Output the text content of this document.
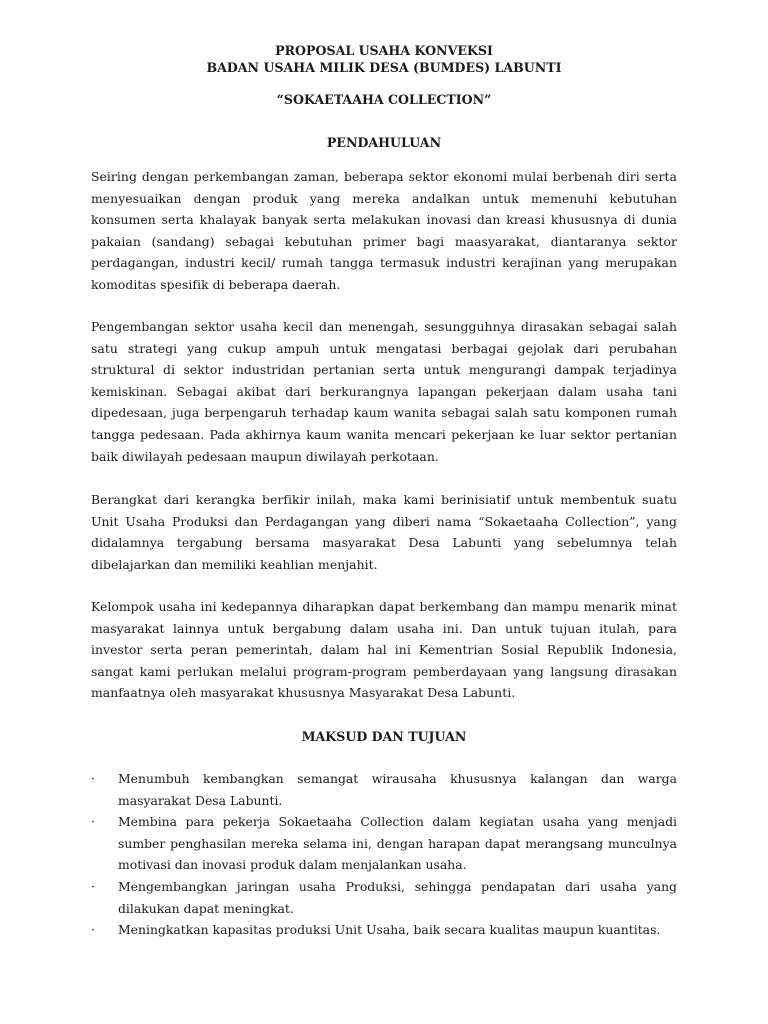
PROPOSAL USAHA KONVEKSI
BADAN USAHA MILIK DESA (BUMDES) LABUNTI
“SOKAETAAHA COLLECTION”
PENDAHULUAN

Seiring dengan perkembangan zaman, beberapa sektor ekonomi mulai berbenah diri serta menyesuaikan dengan produk yang mereka andalkan untuk memenuhi kebutuhan konsumen serta khalayak banyak serta melakukan inovasi dan kreasi khususnya di dunia pakaian (sandang) sebagai kebutuhan primer bagi maasyarakat, diantaranya sektor perdagangan, industri kecil/ rumah tangga termasuk industri kerajinan yang merupakan komoditas spesifik di beberapa daerah.

Pengembangan sektor usaha kecil dan menengah, sesungguhnya dirasakan sebagai salah satu strategi yang cukup ampuh untuk mengatasi berbagai gejolak dari perubahan struktural di sektor industridan pertanian serta untuk mengurangi dampak terjadinya kemiskinan. Sebagai akibat dari berkurangnya lapangan pekerjaan dalam usaha tani dipedesaan, juga berpengaruh terhadap kaum wanita sebagai salah satu komponen rumah tangga pedesaan. Pada akhirnya kaum wanita mencari pekerjaan ke luar sektor pertanian baik diwilayah pedesaan maupun diwilayah perkotaan.

Berangkat dari kerangka berfikir inilah, maka kami berinisiatif untuk membentuk suatu Unit Usaha Produksi dan Perdagangan yang diberi nama “Sokaetaaha Collection”, yang didalamnya tergabung bersama masyarakat Desa Labunti yang sebelumnya telah dibelajarkan dan memiliki keahlian menjahit.

Kelompok usaha ini kedepannya diharapkan dapat berkembang dan mampu menarik minat masyarakat lainnya untuk bergabung dalam usaha ini. Dan untuk tujuan itulah, para investor serta peran pemerintah, dalam hal ini Kementrian Sosial Republik Indonesia, sangat kami perlukan melalui program-program pemberdayaan yang langsung dirasakan manfaatnya oleh masyarakat khususnya Masyarakat Desa Labunti.

MAKSUD DAN TUJUAN
· Menumbuh kembangkan semangat wirausaha khususnya kalangan dan warga masyarakat Desa Labunti.
· Membina para pekerja Sokaetaaha Collection dalam kegiatan usaha yang menjadi sumber penghasilan mereka selama ini, dengan harapan dapat merangsang munculnya motivasi dan inovasi produk dalam menjalankan usaha.
· Mengembangkan jaringan usaha Produksi, sehingga pendapatan dari usaha yang dilakukan dapat meningkat.
· Meningkatkan kapasitas produksi Unit Usaha, baik secara kualitas maupun kuantitas.
